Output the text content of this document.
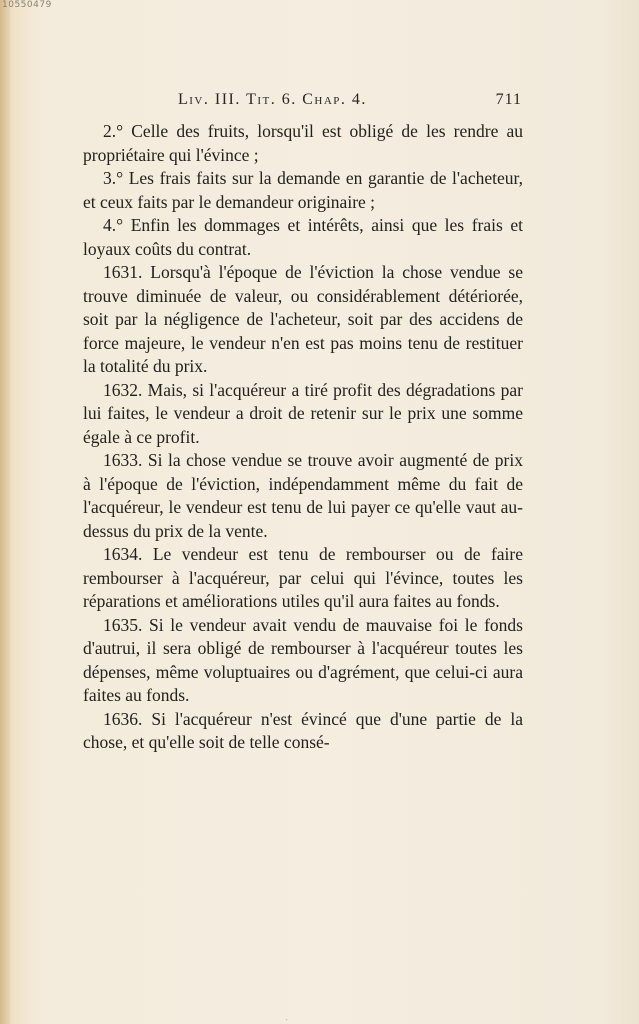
10550479
Liv. III. Tit. 6. Chap. 4.	711

2.° Celle des fruits, lorsqu'il est obligé de les rendre au propriétaire qui l'évince ;

3.° Les frais faits sur la demande en garantie de l'acheteur, et ceux faits par le demandeur originaire ;

4.° Enfin les dommages et intérêts, ainsi que les frais et loyaux coûts du contrat.

1631. Lorsqu'à l'époque de l'éviction la chose vendue se trouve diminuée de valeur, ou considérablement détériorée, soit par la négligence de l'acheteur, soit par des accidens de force majeure, le vendeur n'en est pas moins tenu de restituer la totalité du prix.

1632. Mais, si l'acquéreur a tiré profit des dégradations par lui faites, le vendeur a droit de retenir sur le prix une somme égale à ce profit.

1633. Si la chose vendue se trouve avoir augmenté de prix à l'époque de l'éviction, indépendamment même du fait de l'acquéreur, le vendeur est tenu de lui payer ce qu'elle vaut au-dessus du prix de la vente.

1634. Le vendeur est tenu de rembourser ou de faire rembourser à l'acquéreur, par celui qui l'évince, toutes les réparations et améliorations utiles qu'il aura faites au fonds.

1635. Si le vendeur avait vendu de mauvaise foi le fonds d'autrui, il sera obligé de rembourser à l'acquéreur toutes les dépenses, même voluptuaires ou d'agrément, que celui-ci aura faites au fonds.

1636. Si l'acquéreur n'est évincé que d'une partie de la chose, et qu'elle soit de telle consé-

ˏ
